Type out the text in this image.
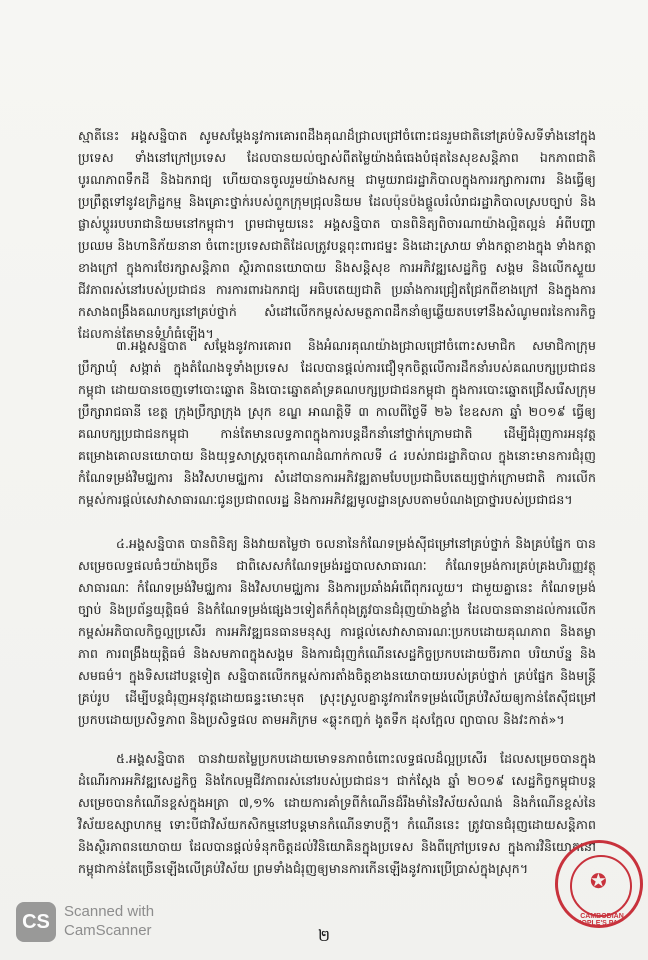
ស្មាតីនេះ អង្គសន្និបាត សូមសម្តែងនូវការគោរពដឹងគុណដ៏ជ្រាលជ្រៅចំពោះជនរួមជាតិនៅគ្រប់ទិសទីទាំងនៅក្នុងប្រទេស ទាំងនៅក្រៅប្រទេស ដែលបានយល់ច្បាស់ពីតម្លៃយ៉ាងធំធេងបំផុតនៃសុខសន្តិភាព ឯកភាពជាតិ បូរណភាពទឹកដី និងឯករាជ្យ ហើយបានចូលរួមយ៉ាងសកម្ម ជាមួយរាជរដ្ឋាភិបាលក្នុងការរក្សាការពារ និងធ្វើឲ្យប្រព្រឹត្តទៅនូវឧក្រិដ្ឋកម្ម និងគ្រោះថ្នាក់របស់ពួកក្រុមជ្រុលនិយម ដែលប៉ុនប៉ងផ្តួលរំលំរាជរដ្ឋាភិបាលស្របច្បាប់ និងផ្លាស់ប្តូររបបរាជានិយមនៅកម្ពុជា។ ព្រមជាមួយនេះ អង្គសន្និបាត បានពិនិត្យពិចារណាយ៉ាងល្អិតល្អន់ អំពីបញ្ហាប្រឈម និងហានិភ័យនានា ចំពោះប្រទេសជាតិដែលត្រូវបន្តពុះពារជម្នះ និងដោះស្រាយ ទាំងកត្តាខាងក្នុង ទាំងកត្តាខាងក្រៅ ក្នុងការថែរក្សាសន្តិភាព ស្ថិរភាពនយោបាយ និងសន្តិសុខ ការអភិវឌ្ឍសេដ្ឋកិច្ច សង្គម និងលើកស្ទួយជីវភាពរស់នៅរបស់ប្រជាជន ការការពារឯករាជ្យ អធិបតេយ្យជាតិ ប្រឆាំងការជ្រៀតជ្រែកពីខាងក្រៅ និងក្នុងការកសាងពង្រឹងគណបក្សនៅគ្រប់ថ្នាក់ សំដៅលើកកម្ពស់សមត្ថភាពដឹកនាំឲ្យឆ្លើយតបទៅនឹងសំណូមពរនៃការកិច្ចដែលកាន់តែមានទំហំធំឡើង។

៣.អង្គសន្និបាត សម្តែងនូវការគោរព និងអំណរគុណយ៉ាងជ្រាលជ្រៅចំពោះសមាជិក សមាជិកាក្រុមប្រឹក្សាឃុំ សង្កាត់ ក្នុងតំណែងទូទាំងប្រទេស ដែលបានផ្តល់ការជឿទុកចិត្តលើការដឹកនាំរបស់គណបក្សប្រជាជនកម្ពុជា ដោយបានចេញទៅបោះឆ្នោត និងបោះឆ្នោតគាំទ្រគណបក្សប្រជាជនកម្ពុជា ក្នុងការបោះឆ្នោតជ្រើសរើសក្រុមប្រឹក្សារាជធានី ខេត្ត ក្រុងប្រឹក្សាក្រុង ស្រុក ខណ្ឌ អាណត្តិទី ៣ កាលពីថ្ងៃទី ២៦ ខែឧសភា ឆ្នាំ ២០១៩ ធ្វើឲ្យគណបក្សប្រជាជនកម្ពុជា កាន់តែមានលទ្ធភាពក្នុងការបន្តដឹកនាំនៅថ្នាក់ក្រោមជាតិ ដើម្បីជំរុញការអនុវត្តគម្រោងគោលនយោបាយ និងយុទ្ធសាស្ត្រចតុកោណដំណាក់កាលទី ៤ របស់រាជរដ្ឋាភិបាល ក្នុងនោះមានការជំរុញកំណែទម្រង់វិមជ្ឈការ និងវិសហមជ្ឈការ សំដៅបានការអភិវឌ្ឍតាមបែបប្រជាធិបតេយ្យថ្នាក់ក្រោមជាតិ ការលើកកម្ពស់ការផ្តល់សេវាសាធារណៈជូនប្រជាពលរដ្ឋ និងការអភិវឌ្ឍមូលដ្ឋានស្របតាមបំណងប្រាថ្នារបស់ប្រជាជន។

៤.អង្គសន្និបាត បានពិនិត្យ និងវាយតម្លៃថា ចលនានៃកំណែទម្រង់ស៊ីជម្រៅនៅគ្រប់ថ្នាក់ និងគ្រប់ផ្នែក បានសម្រេចលទ្ធផលធំៗយ៉ាងច្រើន ជាពិសេសកំណែទម្រង់រដ្ឋបាលសាធារណៈ កំណែទម្រង់ការគ្រប់គ្រងហិរញ្ញវត្ថុសាធារណៈ កំណែទម្រង់វិមជ្ឈការ និងវិសហមជ្ឈការ និងការប្រឆាំងអំពើពុករលួយ។ ជាមួយគ្នានេះ កំណែទម្រង់ច្បាប់ និងប្រព័ន្ធយុត្តិធម៌ និងកំណែទម្រង់ផ្សេងៗទៀតក៏កំពុងត្រូវបានជំរុញយ៉ាងខ្លាំង ដែលបានធានាដល់ការលើកកម្ពស់អភិបាលកិច្ចល្អប្រសើរ ការអភិវឌ្ឍធនធានមនុស្ស ការផ្តល់សេវាសាធារណៈប្រកបដោយគុណភាព និងតម្លាភាព ការពង្រឹងយុត្តិធម៌ និងសមភាពក្នុងសង្គម និងការជំរុញកំណើនសេដ្ឋកិច្ចប្រកបដោយចីរភាព បរិយាប័ន្ន និងសមធម៌។ ក្នុងទិសដៅបន្តទៀត សន្និបាតលើកកម្ពស់ការតាំងចិត្តខាងនយោបាយរបស់គ្រប់ថ្នាក់ គ្រប់ផ្នែក និងមន្ត្រីគ្រប់រូប ដើម្បីបន្តជំរុញអនុវត្តដោយធន្ទះមោះមុត ស្រុះស្រួលគ្នានូវការកែទម្រង់លើគ្រប់វិស័យឲ្យកាន់តែស៊ីជម្រៅប្រកបដោយប្រសិទ្ធភាព និងប្រសិទ្ធផល តាមអភិក្រម «ឆ្លុះកញ្ចក់ ងូតទឹក ដុសក្អែល ព្យាបាល និងវះកាត់»។

៥.អង្គសន្និបាត បានវាយតម្លៃប្រកបដោយមោទនភាពចំពោះលទ្ធផលដ៏ល្អប្រសើរ ដែលសម្រេចបានក្នុងដំណើរការអភិវឌ្ឍសេដ្ឋកិច្ច និងកែលម្អជីវភាពរស់នៅរបស់ប្រជាជន។ ជាក់ស្តែង ឆ្នាំ ២០១៩ សេដ្ឋកិច្ចកម្ពុជាបន្តសម្រេចបានកំណើនខ្ពស់ក្នុងអត្រា ៧,១% ដោយការគាំទ្រពីកំណើនដ៏រឹងមាំនៃវិស័យសំណង់ និងកំណើនខ្ពស់នៃវិស័យឧស្សាហកម្ម ទោះបីជាវិស័យកសិកម្មនៅបន្តមានកំណើនទាបក្តី។ កំណើននេះ ត្រូវបានជំរុញដោយសន្តិភាព និងស្ថិរភាពនយោបាយ ដែលបានផ្តល់ទំនុកចិត្តដល់វិនិយោគិនក្នុងប្រទេស និងពីក្រៅប្រទេស ក្នុងការវិនិយោគនៅកម្ពុជាកាន់តែច្រើនឡើងលើគ្រប់វិស័យ ព្រមទាំងជំរុញឲ្យមានការកើនឡើងនូវការប្រើប្រាស់ក្នុងស្រុក។

✪
CAMBODIAN PEOPLE'S PARTY
CS Scanned with
CamScanner	២
